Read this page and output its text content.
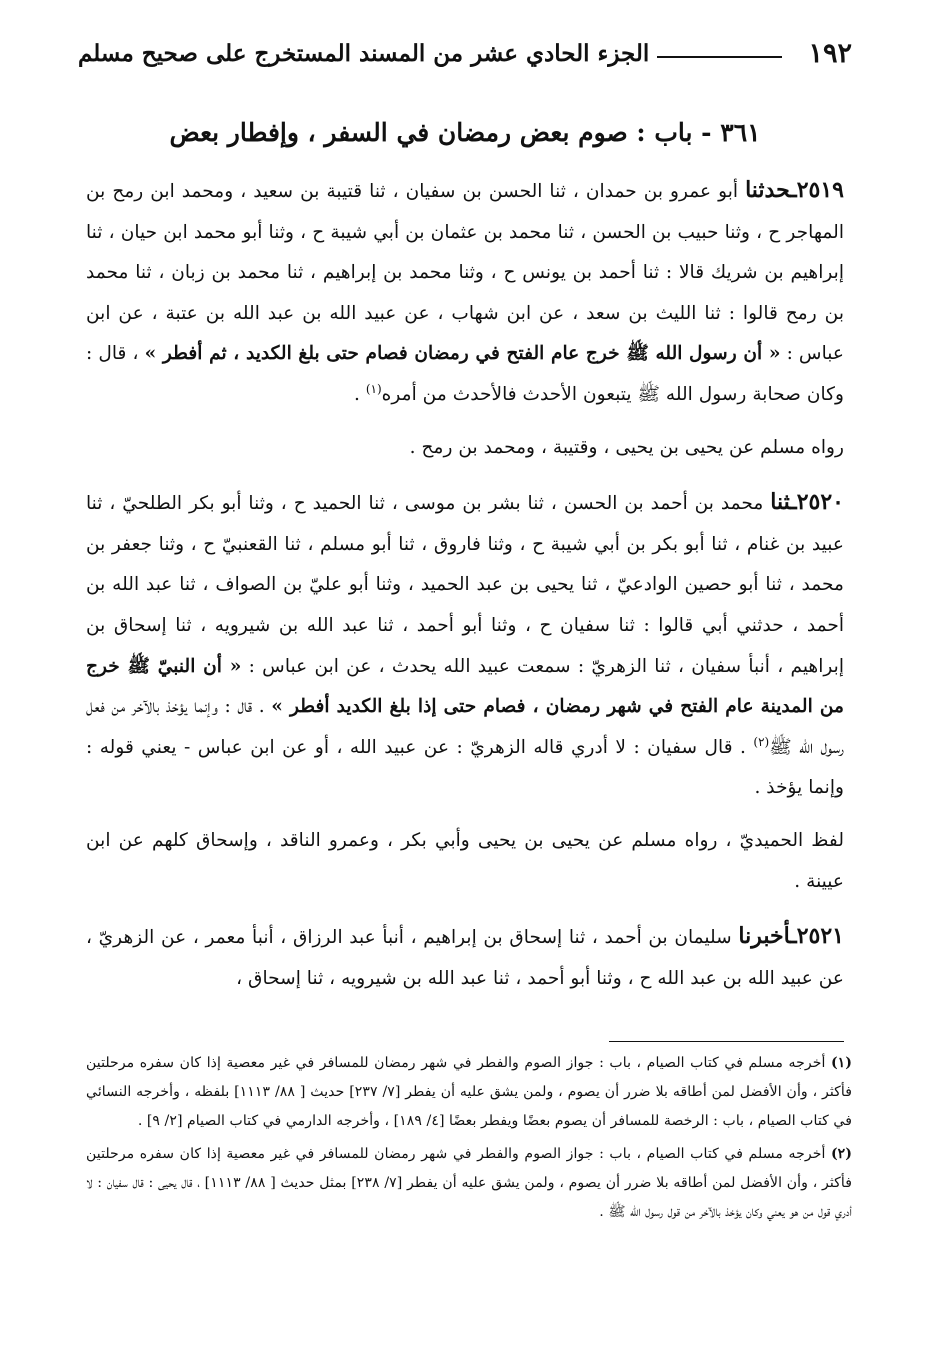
١٩٢
الجزء الحادي عشر من المسند المستخرج على صحيح مسلم
٣٦١ - باب : صوم بعض رمضان في السفر ، وإفطار بعض

٢٥١٩ـحدثنا أبو عمرو بن حمدان ، ثنا الحسن بن سفيان ، ثنا قتيبة بن سعيد ، ومحمد ابن رمح بن المهاجر ح ، وثنا حبيب بن الحسن ، ثنا محمد بن عثمان بن أبي شيبة ح ، وثنا أبو محمد ابن حيان ، ثنا إبراهيم بن شريك قالا : ثنا أحمد بن يونس ح ، وثنا محمد بن إبراهيم ، ثنا محمد بن زبان ، ثنا محمد بن رمح قالوا : ثنا الليث بن سعد ، عن ابن شهاب ، عن عبيد الله بن عبد الله بن عتبة ، عن ابن عباس : « أن رسول الله ﷺ خرج عام الفتح في رمضان فصام حتى بلغ الكديد ، ثم أفطر » ، قال : وكان صحابة رسول الله ﷺ يتبعون الأحدث فالأحدث من أمره$^{(١)}$ .

رواه مسلم عن يحيى بن يحيى ، وقتيبة ، ومحمد بن رمح .

٢٥٢٠ـثنا محمد بن أحمد بن الحسن ، ثنا بشر بن موسى ، ثنا الحميد ح ، وثنا أبو بكر الطلحيّ ، ثنا عبيد بن غنام ، ثنا أبو بكر بن أبي شيبة ح ، وثنا فاروق ، ثنا أبو مسلم ، ثنا القعنبيّ ح ، وثنا جعفر بن محمد ، ثنا أبو حصين الوادعيّ ، ثنا يحيى بن عبد الحميد ، وثنا أبو عليّ بن الصواف ، ثنا عبد الله بن أحمد ، حدثني أبي قالوا : ثنا سفيان ح ، وثنا أبو أحمد ، ثنا عبد الله بن شيرويه ، ثنا إسحاق بن إبراهيم ، أنبأ سفيان ، ثنا الزهريّ : سمعت عبيد الله يحدث ، عن ابن عباس : « أن النبيّ ﷺ خرج من المدينة عام الفتح في شهر رمضان ، فصام حتى إذا بلغ الكديد أفطر » . قال : وإنما يؤخذ بالآخر من فعل رسول الله ﷺ$^{(٢)}$ . قال سفيان : لا أدري قاله الزهريّ : عن عبيد الله ، أو عن ابن عباس - يعني قوله : وإنما يؤخذ .

لفظ الحميديّ ، رواه مسلم عن يحيى بن يحيى وأبي بكر ، وعمرو الناقد ، وإسحاق كلهم عن ابن عيينة .

٢٥٢١ـأخبرنا سليمان بن أحمد ، ثنا إسحاق بن إبراهيم ، أنبأ عبد الرزاق ، أنبأ معمر ، عن الزهريّ ، عن عبيد الله بن عبد الله ح ، وثنا أبو أحمد ، ثنا عبد الله بن شيرويه ، ثنا إسحاق ،

(١) أخرجه مسلم في كتاب الصيام ، باب : جواز الصوم والفطر في شهر رمضان للمسافر في غير معصية إذا كان سفره مرحلتين فأكثر ، وأن الأفضل لمن أطاقه بلا ضرر أن يصوم ، ولمن يشق عليه أن يفطر [٧/ ٢٣٧] حديث [ ٨٨/ ١١١٣] بلفظه ، وأخرجه النسائي في كتاب الصيام ، باب : الرخصة للمسافر أن يصوم بعضًا ويفطر بعضًا [٤/ ١٨٩] ، وأخرجه الدارمي في كتاب الصيام [٢/ ٩] .

(٢) أخرجه مسلم في كتاب الصيام ، باب : جواز الصوم والفطر في شهر رمضان للمسافر في غير معصية إذا كان سفره مرحلتين فأكثر ، وأن الأفضل لمن أطاقه بلا ضرر أن يصوم ، ولمن يشق عليه أن يفطر [٧/ ٢٣٨] بمثل حديث [ ٨٨/ ١١١٣] ، قال يحيى : قال سفيان : لا أدري قول من هو يعني وكان يؤخذ بالآخر من قول رسول الله ﷺ .
